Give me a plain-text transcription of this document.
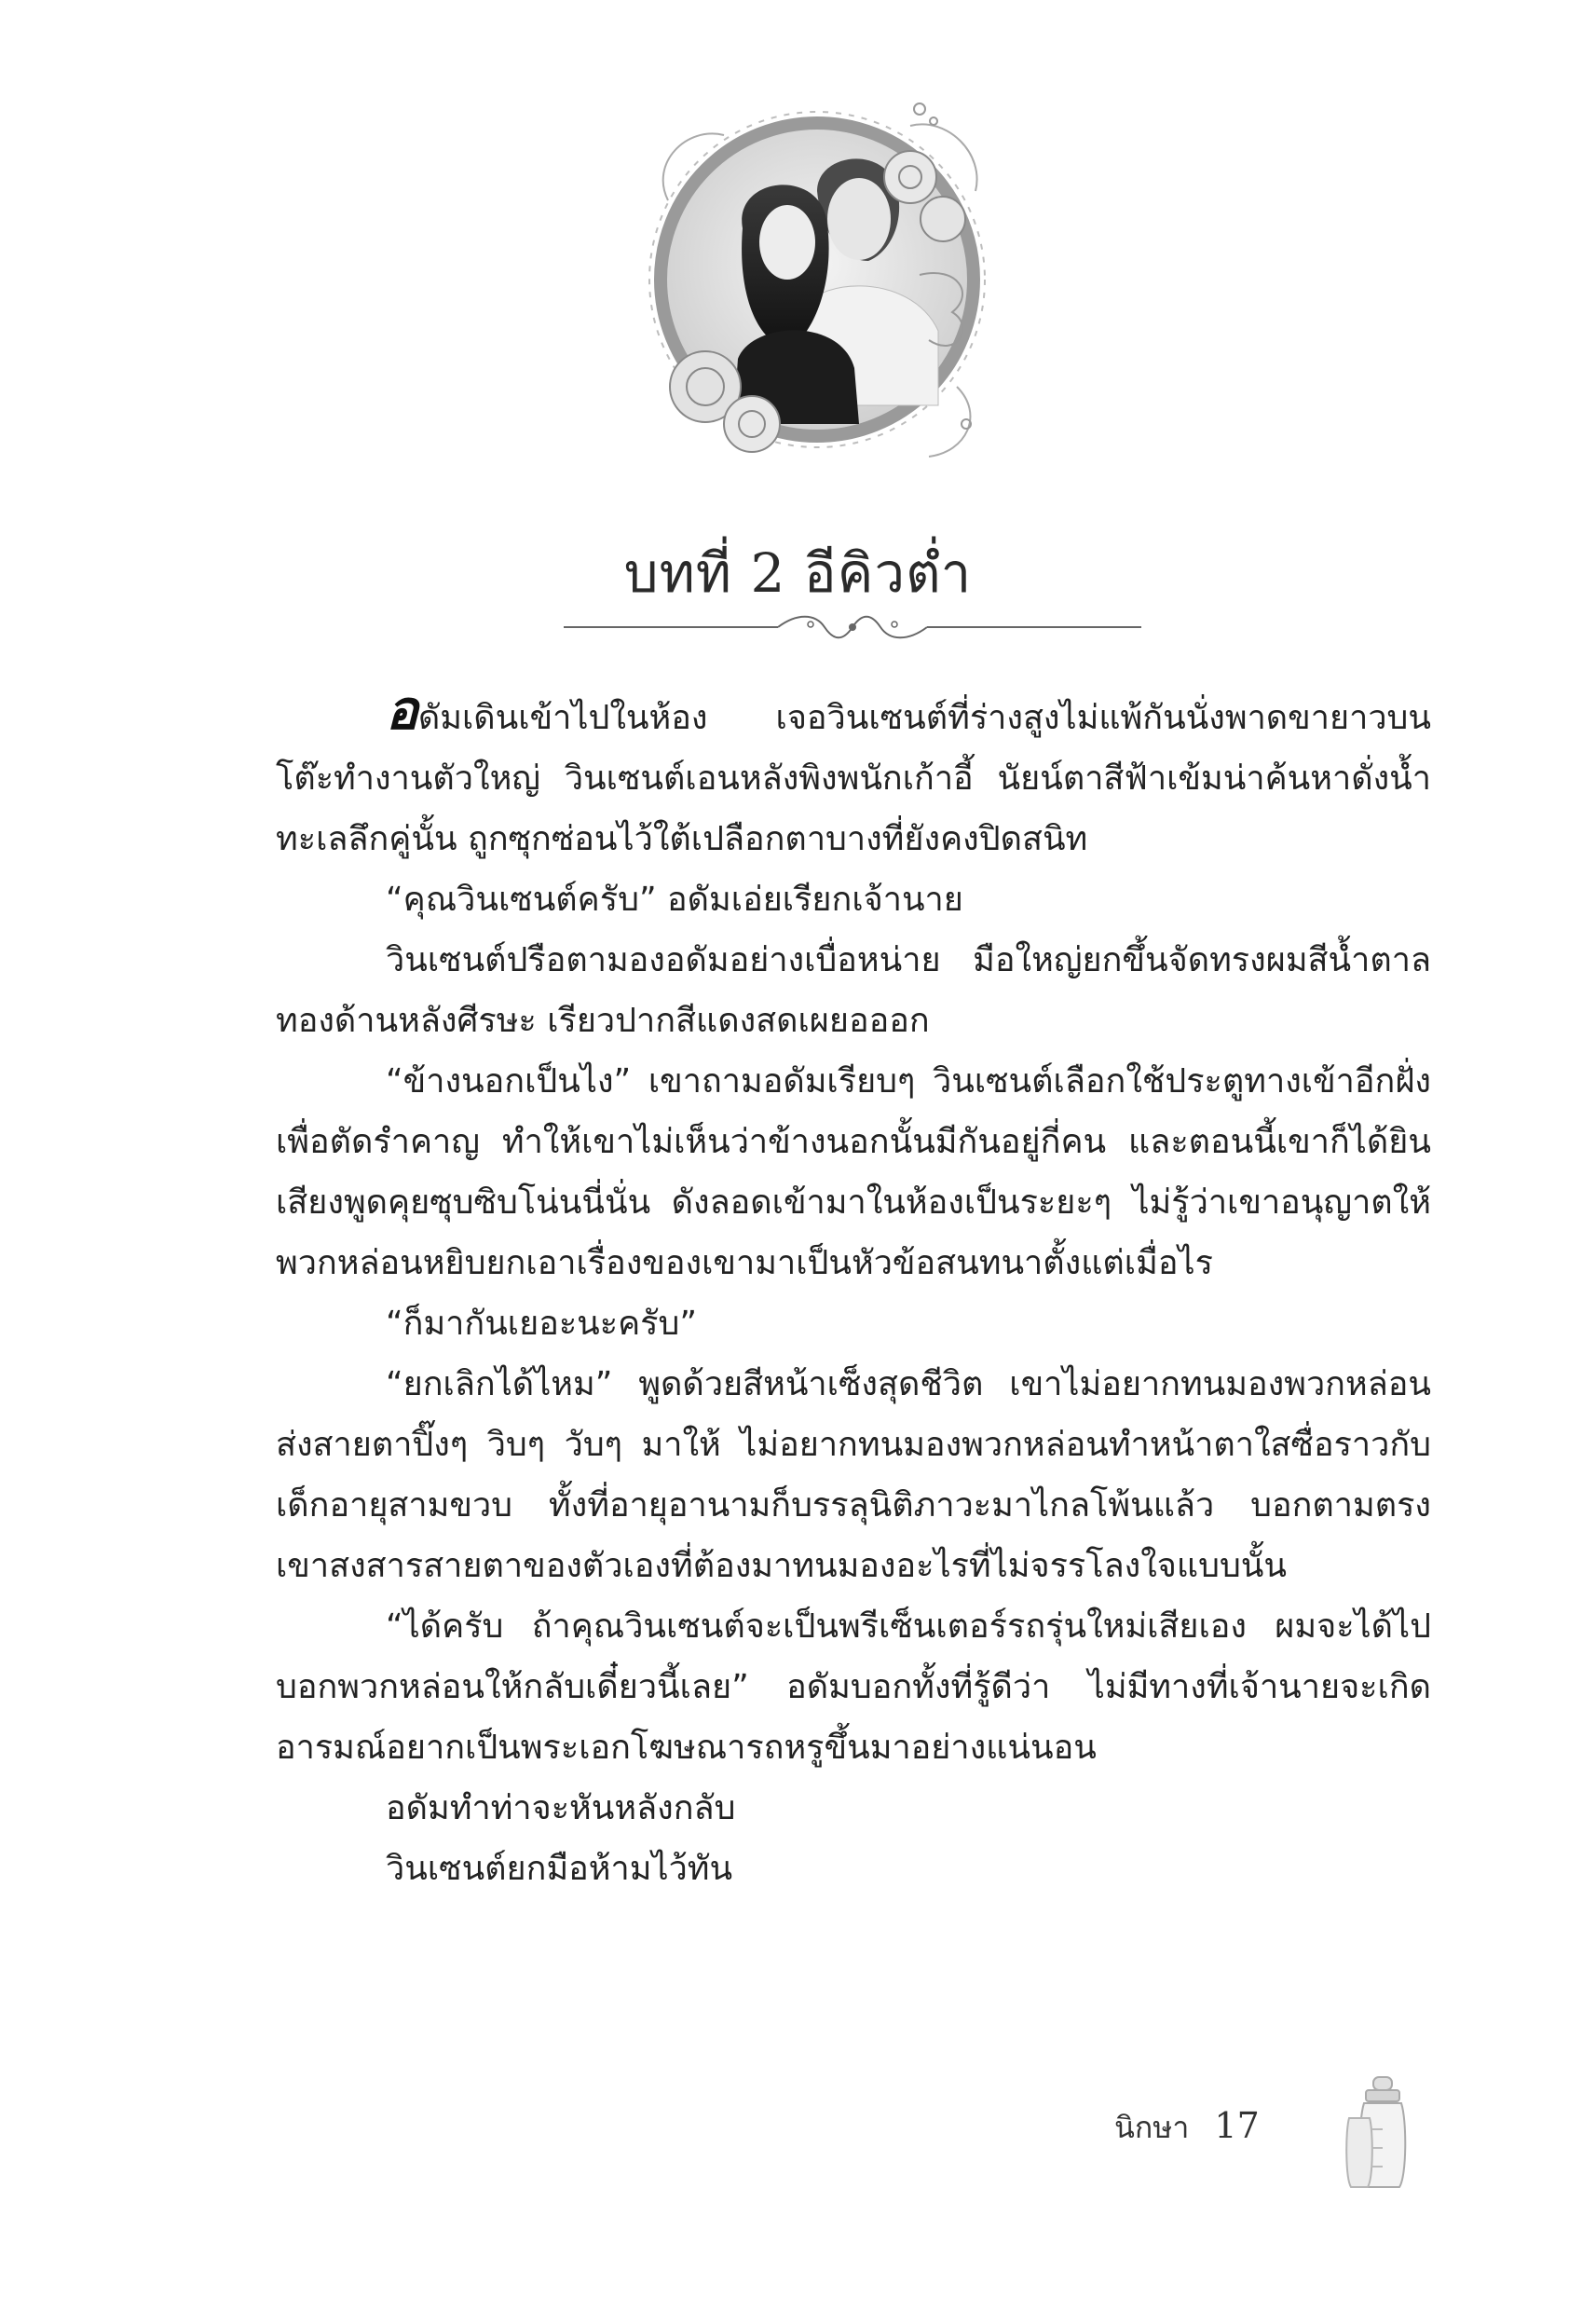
บทที่ 2 อีคิวต่ำ

อดัมเดินเข้าไปในห้อง เจอวินเซนต์ที่ร่างสูงไม่แพ้กันนั่งพาดขายาวบนโต๊ะทำงานตัวใหญ่ วินเซนต์เอนหลังพิงพนักเก้าอี้ นัยน์ตาสีฟ้าเข้มน่าค้นหาดั่งน้ำทะเลลึกคู่นั้น ถูกซุกซ่อนไว้ใต้เปลือกตาบางที่ยังคงปิดสนิท

“คุณวินเซนต์ครับ” อดัมเอ่ยเรียกเจ้านาย

วินเซนต์ปรือตามองอดัมอย่างเบื่อหน่าย มือใหญ่ยกขึ้นจัดทรงผมสีน้ำตาลทองด้านหลังศีรษะ เรียวปากสีแดงสดเผยอออก

“ข้างนอกเป็นไง” เขาถามอดัมเรียบๆ วินเซนต์เลือกใช้ประตูทางเข้าอีกฝั่งเพื่อตัดรำคาญ ทำให้เขาไม่เห็นว่าข้างนอกนั้นมีกันอยู่กี่คน และตอนนี้เขาก็ได้ยินเสียงพูดคุยซุบซิบโน่นนี่นั่น ดังลอดเข้ามาในห้องเป็นระยะๆ ไม่รู้ว่าเขาอนุญาตให้พวกหล่อนหยิบยกเอาเรื่องของเขามาเป็นหัวข้อสนทนาตั้งแต่เมื่อไร

“ก็มากันเยอะนะครับ”

“ยกเลิกได้ไหม” พูดด้วยสีหน้าเซ็งสุดชีวิต เขาไม่อยากทนมองพวกหล่อนส่งสายตาปิ๊งๆ วิบๆ วับๆ มาให้ ไม่อยากทนมองพวกหล่อนทำหน้าตาใสซื่อราวกับเด็กอายุสามขวบ ทั้งที่อายุอานามก็บรรลุนิติภาวะมาไกลโพ้นแล้ว บอกตามตรง เขาสงสารสายตาของตัวเองที่ต้องมาทนมองอะไรที่ไม่จรรโลงใจแบบนั้น

“ได้ครับ ถ้าคุณวินเซนต์จะเป็นพรีเซ็นเตอร์รถรุ่นใหม่เสียเอง ผมจะได้ไปบอกพวกหล่อนให้กลับเดี๋ยวนี้เลย” อดัมบอกทั้งที่รู้ดีว่า ไม่มีทางที่เจ้านายจะเกิดอารมณ์อยากเป็นพระเอกโฆษณารถหรูขึ้นมาอย่างแน่นอน

อดัมทำท่าจะหันหลังกลับ

วินเซนต์ยกมือห้ามไว้ทัน

นิกษา 17
